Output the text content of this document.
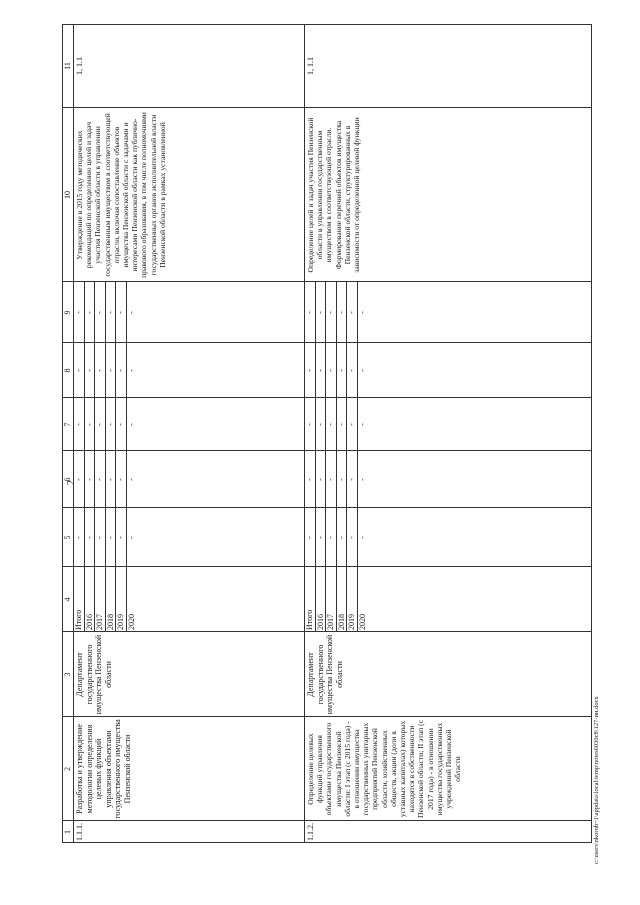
2
c:\users\nkorob~1\appdata\local\temp\notes6030c8\127-ии.docx
1
2
3
4
5
6
7
8
9
10
11
1.1.1.
Разработка и утверждение методологии определения целевых функций управления объектами государственного имущества Пензенской области
Департамент государственного имущества Пензенской области
Итого 2016 2017 2018 2019 2020
- - - - - -
- - - - - -
- - - - - -
- - - - - -
- - - - - -
Утверждение в 2015 году методических рекомендаций по определению целей и задач участия Пензенской области в управлении государственным имуществом в соответствующей отрасли, включая сопоставление объектов имущества Пензенской области с задачами и интересами Пензенской области как публично-правового образования, в том числе полномочиями государственных органов исполнительной власти Пензенской области в рамках установленной
1, 1.1
1.1.2.
Определение целевых функций управления объектами государственного имущества Пензенской области: I этап (с 2015 года) - в отношении имущества государственных унитарных предприятий Пензенской области, хозяйственных обществ, акции (доли в уставных капиталах) которых находятся в собственности Пензенской области; II этап (с 2017 года) - в отношении имущества государственных учреждений Пензенской области
Департамент государственного имущества Пензенской области
Итого 2016 2017 2018 2019 2020
- - - - - -
- - - - - -
- - - - - -
- - - - - -
- - - - - -
Определение целей и задач участия Пензенской области в управлении государственным имуществом в соответствующей отрасли. Формирование перечней объектов имущества Пензенской области, структурированных в зависимости от определенной целевой функции
1, 1.1
